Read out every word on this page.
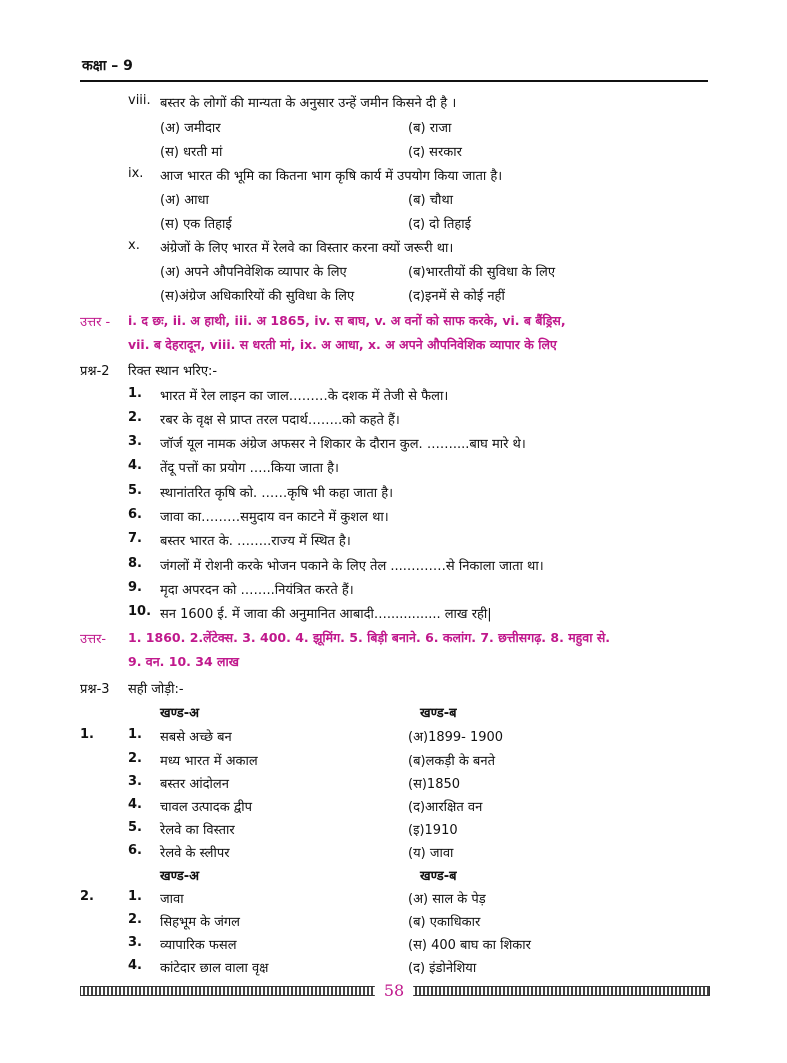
कक्षा – 9
viii. बस्तर के लोगों की मान्यता के अनुसार उन्हें जमीन किसने दी है ।
(अ) जमीदार	(ब) राजा
(स) धरती मां	(द) सरकार
ix. आज भारत की भूमि का कितना भाग कृषि कार्य में उपयोग किया जाता है।
(अ) आधा	(ब) चौथा
(स) एक तिहाई	(द) दो तिहाई
x. अंग्रेजों के लिए भारत में रेलवे का विस्तार करना क्यों जरूरी था।
(अ) अपने औपनिवेशिक व्यापार के लिए	(ब)भारतीयों की सुविधा के लिए
(स)अंग्रेज अधिकारियों की सुविधा के लिए	(द)इनमें से कोई नहीं
उत्तर - i. द छः, ii. अ हाथी, iii. अ 1865, iv. स बाघ, v. अ वनों को साफ करके, vi. ब बैंड्रिस,
vii. ब देहरादून, viii. स धरती मां, ix. अ आधा, x. अ अपने औपनिवेशिक व्यापार के लिए
प्रश्न-2 रिक्त स्थान भरिए:-
1. भारत में रेल लाइन का जाल………के दशक में तेजी से फैला।
2. रबर के वृक्ष से प्राप्त तरल पदार्थ……..को कहते हैं।
3. जॉर्ज यूल नामक अंग्रेज अफसर ने शिकार के दौरान कुल. ……....बाघ मारे थे।
4. तेंदू पत्तों का प्रयोग …..किया जाता है।
5. स्थानांतरित कृषि को. ……कृषि भी कहा जाता है।
6. जावा का………समुदाय वन काटने में कुशल था।
7. बस्तर भारत के. ……..राज्य में स्थित है।
8. जंगलों में रोशनी करके भोजन पकाने के लिए तेल ....………से निकाला जाता था।
9. मृदा अपरदन को ……..नियंत्रित करते हैं।
10. सन 1600 ई. में जावा की अनुमानित आबादी…............. लाख रही|
उत्तर- 1. 1860. 2.लेंटेक्स. 3. 400. 4. झूमिंग. 5. बिड़ी बनाने. 6. कलांग. 7. छत्तीसगढ़. 8. महुवा से.
9. वन. 10. 34 लाख
प्रश्न-3 सही जोड़ी:-
खण्ड-अ	खण्ड-ब
1.	1. सबसे अच्छे बन	(अ)1899- 1900
2. मध्य भारत में अकाल	(ब)लकड़ी के बनते
3. बस्तर आंदोलन	(स)1850
4. चावल उत्पादक द्वीप	(द)आरक्षित वन
5. रेलवे का विस्तार	(इ)1910
6. रेलवे के स्लीपर	(य) जावा
खण्ड-अ	खण्ड-ब
2.	1. जावा	(अ) साल के पेड़
2. सिहभूम के जंगल	(ब) एकाधिकार
3. व्यापारिक फसल	(स) 400 बाघ का शिकार
4. कांटेदार छाल वाला वृक्ष	(द) इंडोनेशिया
58
